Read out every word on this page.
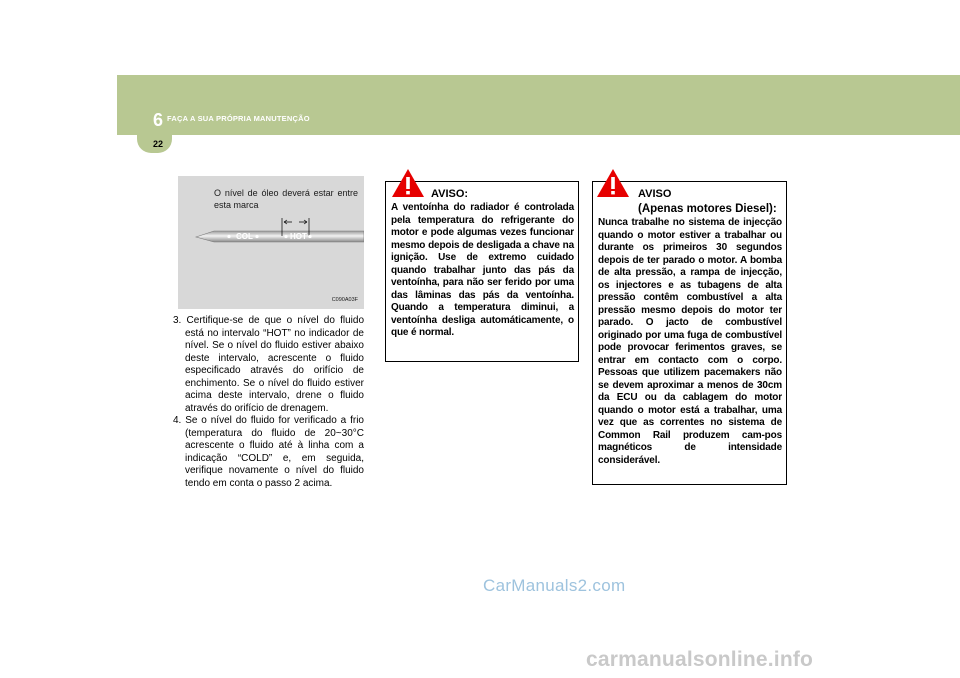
6 FAÇA A SUA PRÓPRIA MANUTENÇÃO
22
O nível de óleo deverá estar entre esta marca
COL	HOT
C090A03F
3. Certifique-se de que o nível do fluido está no intervalo “HOT” no indicador de nível. Se o nível do fluido estiver abaixo deste intervalo, acrescente o fluido especificado através do orifício de enchimento. Se o nível do fluido estiver acima deste intervalo, drene o fluido através do orifício de drenagem.
4. Se o nível do fluido for verificado a frio (temperatura do fluido de 20~30°C acrescente o fluido até à linha com a indicação “COLD” e, em seguida, verifique novamente o nível do fluido tendo em conta o passo 2 acima.
AVISO:
A ventoínha do radiador é controlada pela temperatura do refrigerante do motor e pode algumas vezes funcionar mesmo depois de desligada a chave na ignição. Use de extremo cuidado quando trabalhar junto das pás da ventoínha, para não ser ferido por uma das lâminas das pás da ventoínha. Quando a temperatura diminui, a ventoínha desliga automáticamente, o que é normal.
AVISO
(Apenas motores Diesel):
Nunca trabalhe no sistema de injecção quando o motor estiver a trabalhar ou durante os primeiros 30 segundos depois de ter parado o motor. A bomba de alta pressão, a rampa de injecção, os injectores e as tubagens de alta pressão contêm combustível a alta pressão mesmo depois do motor ter parado. O jacto de combustível originado por uma fuga de combustível pode provocar ferimentos graves, se entrar em contacto com o corpo. Pessoas que utilizem pacemakers não se devem aproximar a menos de 30cm da ECU ou da cablagem do motor quando o motor está a trabalhar, uma vez que as correntes no sistema de Common Rail produzem cam-pos magnéticos de intensidade considerável.
CarManuals2.com
carmanualsonline.info
